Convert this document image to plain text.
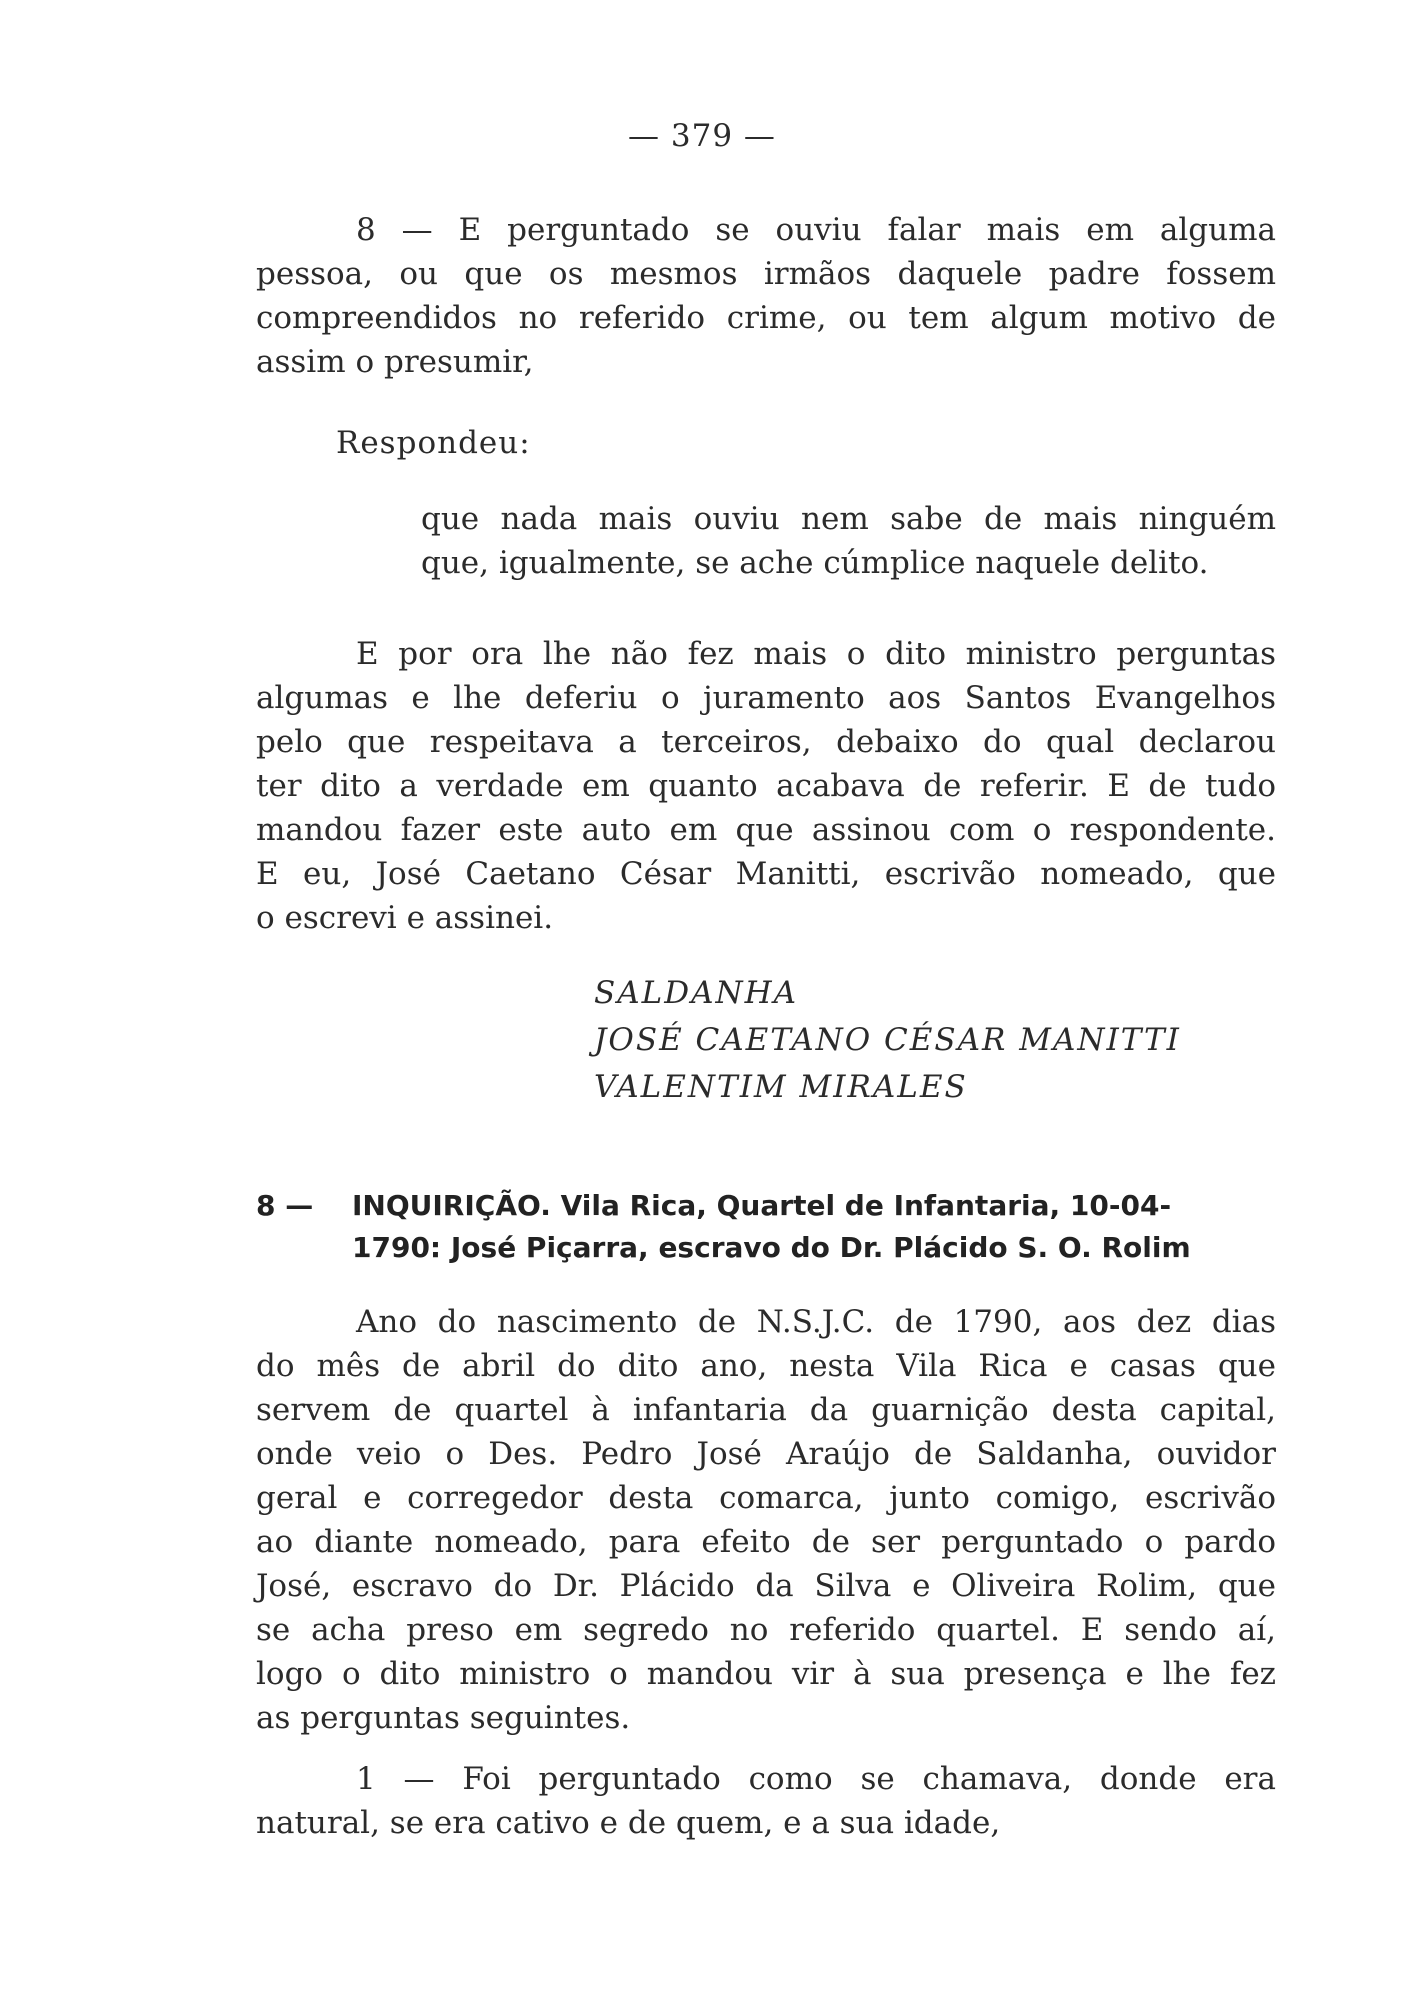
— 379 —
8 — E perguntado se ouviu falar mais em alguma
pessoa, ou que os mesmos irmãos daquele padre fossem
compreendidos no referido crime, ou tem algum motivo de
assim o presumir,
Respondeu:
que nada mais ouviu nem sabe de mais ninguém
que, igualmente, se ache cúmplice naquele delito.
E por ora lhe não fez mais o dito ministro perguntas
algumas e lhe deferiu o juramento aos Santos Evangelhos
pelo que respeitava a terceiros, debaixo do qual declarou
ter dito a verdade em quanto acabava de referir. E de tudo
mandou fazer este auto em que assinou com o respondente.
E eu, José Caetano César Manitti, escrivão nomeado, que
o escrevi e assinei.
SALDANHA
JOSÉ CAETANO CÉSAR MANITTI
VALENTIM MIRALES
8 — INQUIRIÇÃO. Vila Rica, Quartel de Infantaria, 10-04-
1790: José Piçarra, escravo do Dr. Plácido S. O. Rolim
Ano do nascimento de N.S.J.C. de 1790, aos dez dias
do mês de abril do dito ano, nesta Vila Rica e casas que
servem de quartel à infantaria da guarnição desta capital,
onde veio o Des. Pedro José Araújo de Saldanha, ouvidor
geral e corregedor desta comarca, junto comigo, escrivão
ao diante nomeado, para efeito de ser perguntado o pardo
José, escravo do Dr. Plácido da Silva e Oliveira Rolim, que
se acha preso em segredo no referido quartel. E sendo aí,
logo o dito ministro o mandou vir à sua presença e lhe fez
as perguntas seguintes.
1 — Foi perguntado como se chamava, donde era
natural, se era cativo e de quem, e a sua idade,
